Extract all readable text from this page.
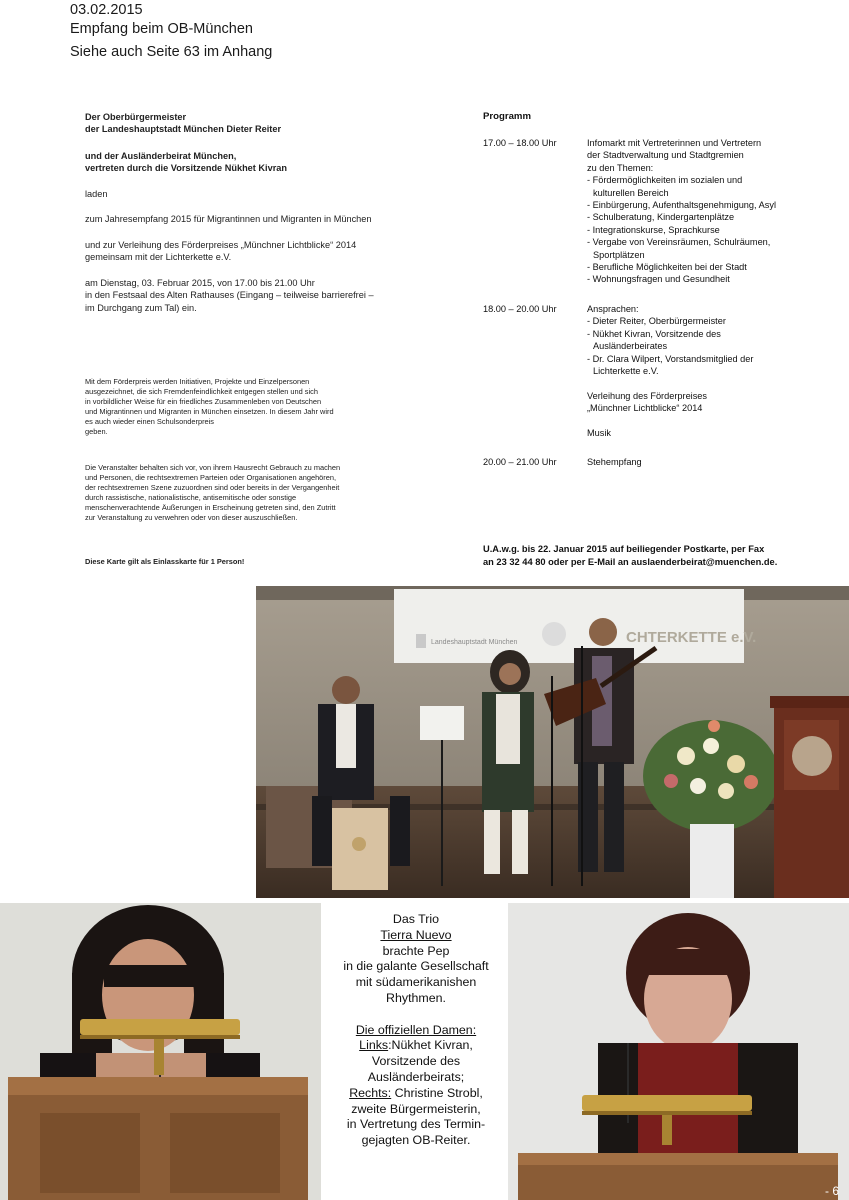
03.02.2015
Empfang beim OB-München
Siehe auch Seite 63 im Anhang
Der Oberbürgermeister
der Landeshauptstadt München Dieter Reiter
und der Ausländerbeirat München,
vertreten durch die Vorsitzende Nükhet Kivran
laden
zum Jahresempfang 2015 für Migrantinnen und Migranten in München
und zur Verleihung des Förderpreises „Münchner Lichtblicke“ 2014
gemeinsam mit der Lichterkette e.V.
am Dienstag, 03. Februar 2015, von 17.00 bis 21.00 Uhr
in den Festsaal des Alten Rathauses (Eingang – teilweise barrierefrei –
im Durchgang zum Tal) ein.
Mit dem Förderpreis werden Initiativen, Projekte und Einzelpersonen
ausgezeichnet, die sich Fremdenfeindlichkeit entgegen stellen und sich
in vorbildlicher Weise für ein friedliches Zusammenleben von Deutschen
und Migrantinnen und Migranten in München einsetzen. In diesem Jahr wird
es auch wieder einen Schulsonderpreis
geben.
Die Veranstalter behalten sich vor, von ihrem Hausrecht Gebrauch zu machen
und Personen, die rechtsextremen Parteien oder Organisationen angehören,
der rechtsextremen Szene zuzuordnen sind oder bereits in der Vergangenheit
durch rassistische, nationalistische, antisemitische oder sonstige
menschenverachtende Äußerungen in Erscheinung getreten sind, den Zutritt
zur Veranstaltung zu verwehren oder von dieser auszuschließen.
Diese Karte gilt als Einlasskarte für 1 Person!
Programm
17.00 – 18.00 Uhr	Infomarkt mit Vertreterinnen und Vertretern
der Stadtverwaltung und Stadtgremien
zu den Themen:
- Fördermöglichkeiten im sozialen und
kulturellen Bereich
- Einbürgerung, Aufenthaltsgenehmigung, Asyl
- Schulberatung, Kindergartenplätze
- Integrationskurse, Sprachkurse
- Vergabe von Vereinsräumen, Schulräumen,
Sportplätzen
- Berufliche Möglichkeiten bei der Stadt
- Wohnungsfragen und Gesundheit
18.00 – 20.00 Uhr	Ansprachen:
- Dieter Reiter, Oberbürgermeister
- Nükhet Kivran, Vorsitzende des
Ausländerbeirates
- Dr. Clara Wilpert, Vorstandsmitglied der
Lichterkette e.V.
Verleihung des Förderpreises
„Münchner Lichtblicke“ 2014
Musik
20.00 – 21.00 Uhr	Stehempfang
U.A.w.g. bis 22. Januar 2015 auf beiliegender Postkarte, per Fax
an 23 32 44 80 oder per E-Mail an auslaenderbeirat@muenchen.de.
Landeshauptstadt München	CHTERKETTE e.V.
Das Trio
Tierra Nuevo
brachte Pep
in die galante Gesellschaft
mit südamerikanishen
Rhythmen.
Die offiziellen Damen:
Links:Nükhet Kivran,
Vorsitzende des
Ausländerbeirats;
Rechts: Christine Strobl,
zweite Bürgermeisterin,
in Vertretung des Termin-
gejagten OB-Reiter.
- 6
